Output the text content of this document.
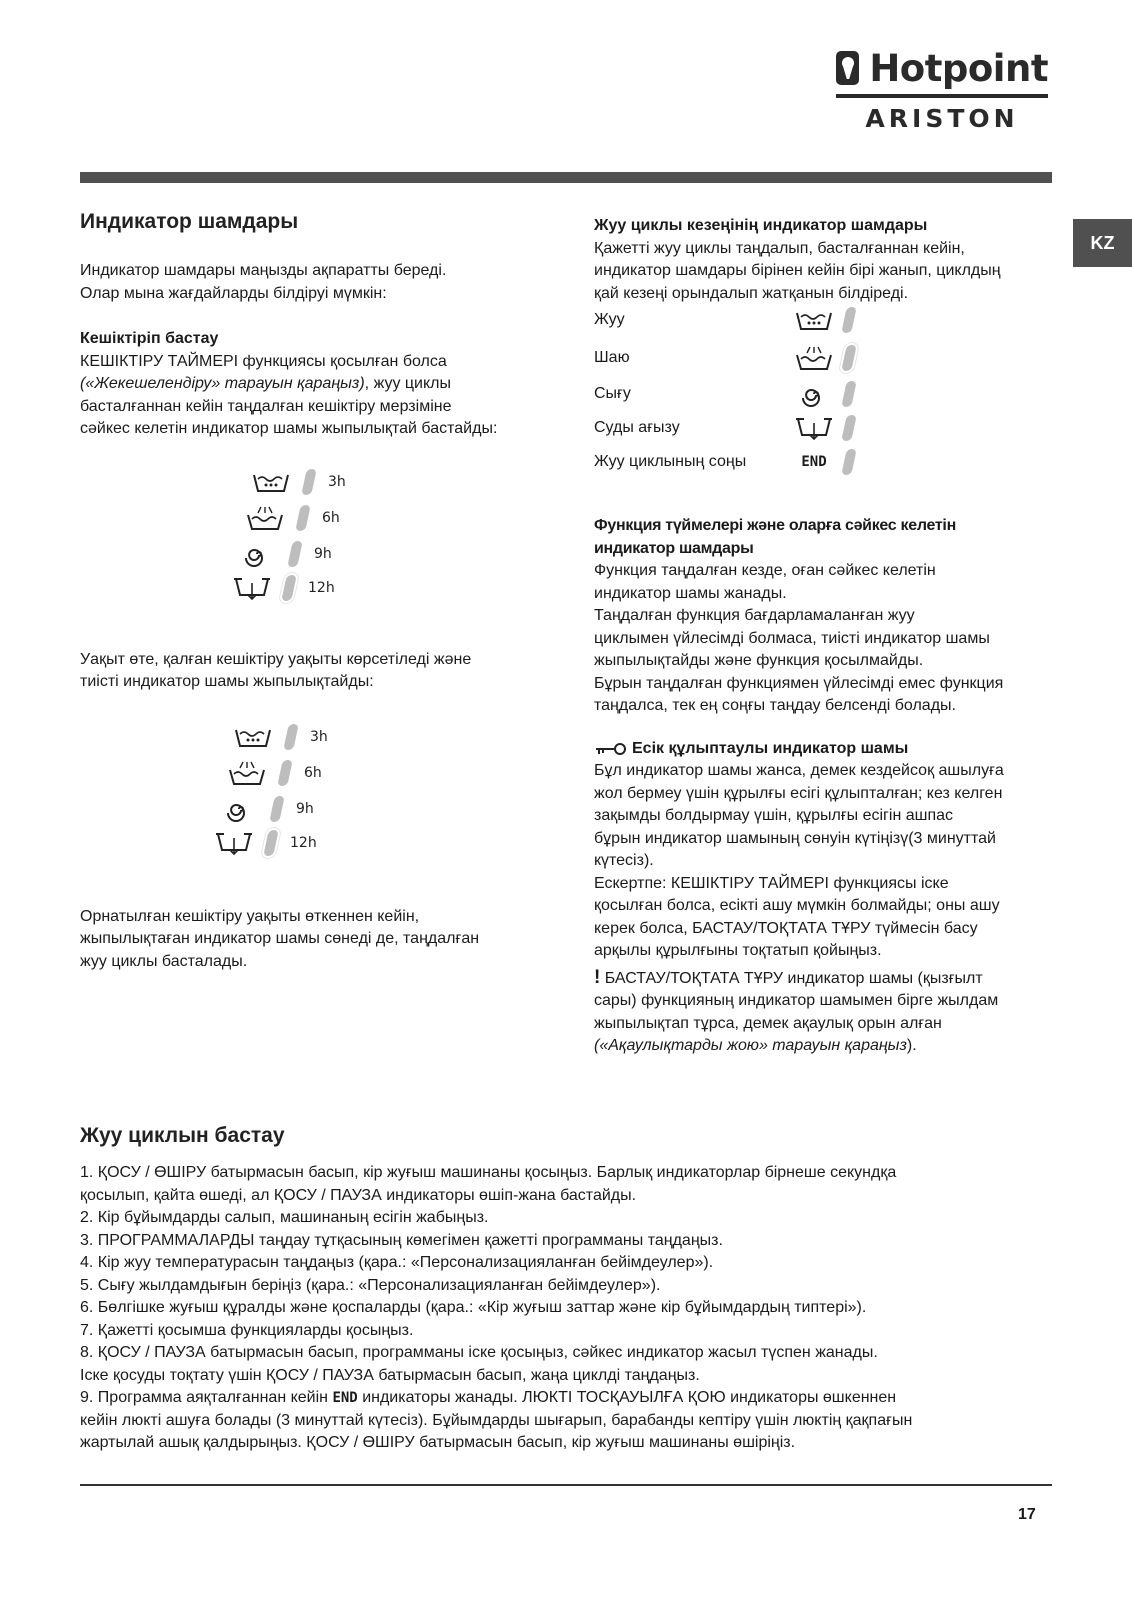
Hotpoint
ARISTON
KZ
Индикатор шамдары

Индикатор шамдары маңызды ақпаратты береді.
Олар мына жағдайларды білдіруі мүмкін:

Кешіктіріп бастау

КЕШІКТІРУ ТАЙМЕРІ функциясы қосылған болса
(«Жекешелендіру» тарауын қараңыз), жуу циклы
басталғаннан кейін таңдалған кешіктіру мерзіміне
сәйкес келетін индикатор шамы жыпылықтай бастайды:

3h
6h
9h
12h

Уақыт өте, қалған кешіктіру уақыты көрсетіледі және
тиісті индикатор шамы жыпылықтайды:

3h
6h
9h
12h

Орнатылған кешіктіру уақыты өткеннен кейін,
жыпылықтаған индикатор шамы сөнеді де, таңдалған
жуу циклы басталады.

Жуу циклы кезеңінің индикатор шамдары

Қажетті жуу циклы таңдалып, басталғаннан кейін,
индикатор шамдары бірінен кейін бірі жанып, циклдың
қай кезеңі орындалып жатқанын білдіреді.

Жуу
Шаю
Сығу
Суды ағызу
Жуу циклының соңы	END

Функция түймелері және оларға сәйкес келетін
индикатор шамдары

Функция таңдалған кезде, оған сәйкес келетін
индикатор шамы жанады.
Таңдалған функция бағдарламаланған жуу
циклымен үйлесімді болмаса, тиісті индикатор шамы
жыпылықтайды және функция қосылмайды.
Бұрын таңдалған функциямен үйлесімді емес функция
таңдалса, тек ең соңғы таңдау белсенді болады.

Есік құлыптаулы индикатор шамы

Бұл индикатор шамы жанса, демек кездейсоқ ашылуға
жол бермеу үшін құрылғы есігі құлыпталған; кез келген
зақымды болдырмау үшін, құрылғы есігін ашпас
бұрын индикатор шамының сөнуін күтіңізү(3 минуттай
күтесіз).
Ескертпе: КЕШІКТІРУ ТАЙМЕРІ функциясы іске
қосылған болса, есікті ашу мүмкін болмайды; оны ашу
керек болса, БАСТАУ/ТОҚТАТА ТҰРУ түймесін басу
арқылы құрылғыны тоқтатып қойыңыз.

! БАСТАУ/ТОҚТАТА ТҰРУ индикатор шамы (қызғылт
сары) функцияның индикатор шамымен бірге жылдам
жыпылықтап тұрса, демек ақаулық орын алған
(«Ақаулықтарды жою» тарауын қараңыз).

Жуу циклын бастау

1. ҚОСУ / ӨШІРУ батырмасын басып, кір жуғыш машинаны қосыңыз. Барлық индикаторлар бірнеше секундқа
қосылып, қайта өшеді, ал ҚОСУ / ПАУЗА индикаторы өшіп-жана бастайды.
2. Кір бұйымдарды салып, машинаның есігін жабыңыз.
3. ПРОГРАММАЛАРДЫ таңдау тұтқасының көмегімен қажетті программаны таңдаңыз.
4. Кір жуу температурасын таңдаңыз (қара.: «Персонализацияланған бейімдеулер»).
5. Сығу жылдамдығын беріңіз (қара.: «Персонализацияланған бейімдеулер»).
6. Бөлгішке жуғыш құралды және қоспаларды (қара.: «Кір жуғыш заттар және кір бұйымдардың типтері»).
7. Қажетті қосымша функцияларды қосыңыз.
8. ҚОСУ / ПАУЗА батырмасын басып, программаны іске қосыңыз, сәйкес индикатор жасыл түспен жанады.
Іске қосуды тоқтату үшін ҚОСУ / ПАУЗА батырмасын басып, жаңа циклді таңдаңыз.
9. Программа аяқталғаннан кейін END индикаторы жанады. ЛЮКТІ ТОСҚАУЫЛҒА ҚОЮ индикаторы өшкеннен
кейін люкті ашуға болады (3 минуттай күтесіз). Бұйымдарды шығарып, барабанды кептіру үшін люктің қақпағын
жартылай ашық қалдырыңыз. ҚОСУ / ӨШІРУ батырмасын басып, кір жуғыш машинаны өшіріңіз.

17
